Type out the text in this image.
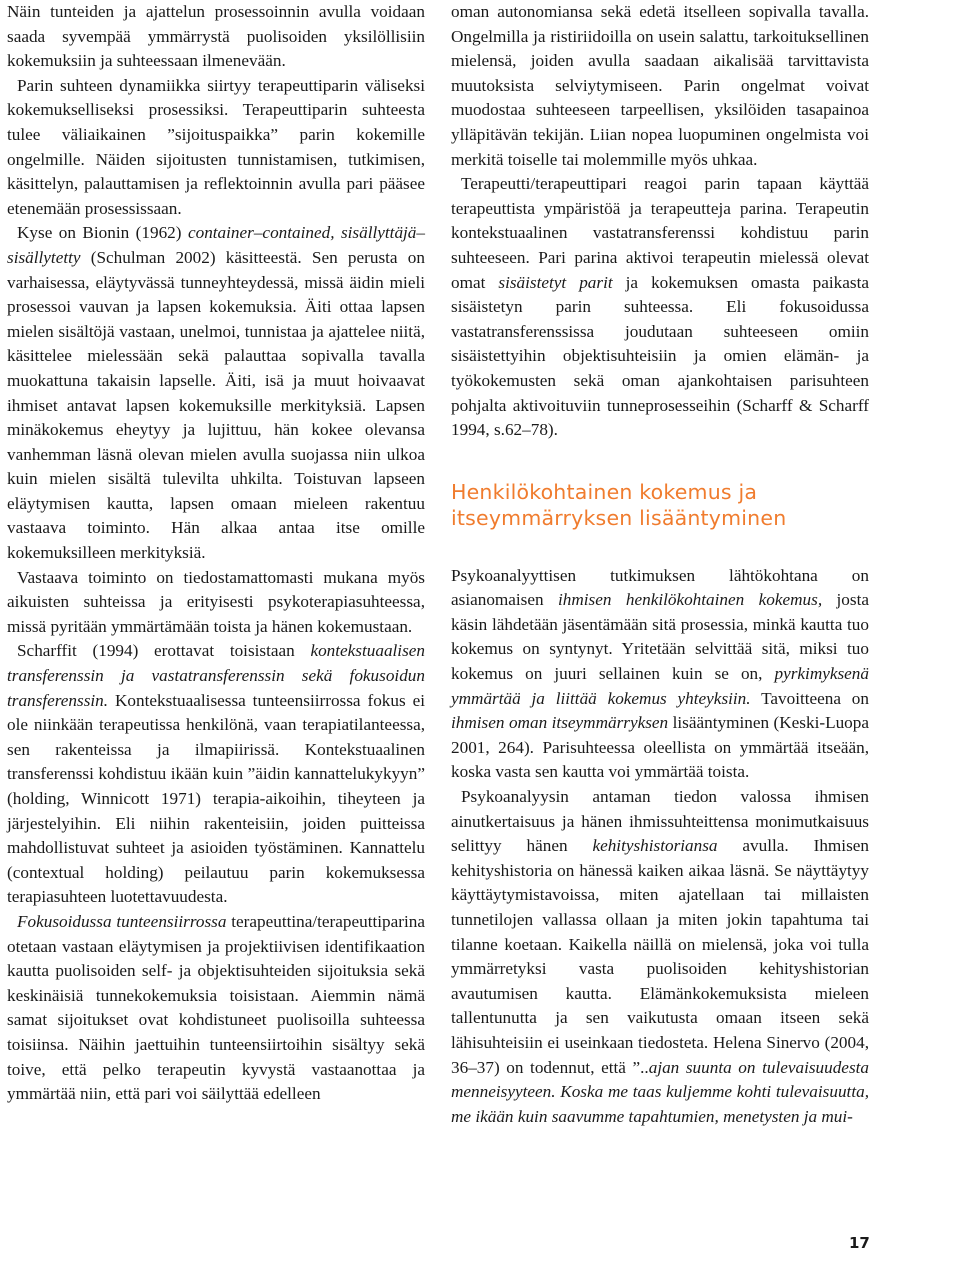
Näin tunteiden ja ajattelun prosessoinnin avulla voidaan saada syvempää ymmärrystä puolisoiden yksilöllisiin kokemuksiin ja suhteessaan ilmenevään.

Parin suhteen dynamiikka siirtyy terapeuttiparin väliseksi kokemukselliseksi prosessiksi. Terapeuttiparin suhteesta tulee väliaikainen ”sijoituspaikka” parin kokemille ongelmille. Näiden sijoitusten tunnistamisen, tutkimisen, käsittelyn, palauttamisen ja reflektoinnin avulla pari pääsee etenemään prosessissaan.

Kyse on Bionin (1962) container–contained, sisällyttäjä–sisällytetty (Schulman 2002) käsitteestä. Sen perusta on varhaisessa, eläytyvässä tunneyhteydessä, missä äidin mieli prosessoi vauvan ja lapsen kokemuksia. Äiti ottaa lapsen mielen sisältöjä vastaan, unelmoi, tunnistaa ja ajattelee niitä, käsittelee mielessään sekä palauttaa sopivalla tavalla muokattuna takaisin lapselle. Äiti, isä ja muut hoivaavat ihmiset antavat lapsen kokemuksille merkityksiä. Lapsen minäkokemus eheytyy ja lujittuu, hän kokee olevansa vanhemman läsnä olevan mielen avulla suojassa niin ulkoa kuin mielen sisältä tulevilta uhkilta. Toistuvan lapseen eläytymisen kautta, lapsen omaan mieleen rakentuu vastaava toiminto. Hän alkaa antaa itse omille kokemuksilleen merkityksiä.

Vastaava toiminto on tiedostamattomasti mukana myös aikuisten suhteissa ja erityisesti psykoterapiasuhteessa, missä pyritään ymmärtämään toista ja hänen kokemustaan.

Scharffit (1994) erottavat toisistaan kontekstuaalisen transferenssin ja vastatransferenssin sekä fokusoidun transferenssin. Kontekstuaalisessa tunteensiirrossa fokus ei ole niinkään terapeutissa henkilönä, vaan terapiatilanteessa, sen rakenteissa ja ilmapiirissä. Kontekstuaalinen transferenssi kohdistuu ikään kuin ”äidin kannattelukykyyn” (holding, Winnicott 1971) terapia-aikoihin, tiheyteen ja järjestelyihin. Eli niihin rakenteisiin, joiden puitteissa mahdollistuvat suhteet ja asioiden työstäminen. Kannattelu (contextual holding) peilautuu parin kokemuksessa terapiasuhteen luotettavuudesta.

Fokusoidussa tunteensiirrossa terapeuttina/terapeuttiparina otetaan vastaan eläytymisen ja projektiivisen identifikaation kautta puolisoiden self- ja objektisuhteiden sijoituksia sekä keskinäisiä tunnekokemuksia toisistaan. Aiemmin nämä samat sijoitukset ovat kohdistuneet puolisoilla suhteessa toisiinsa. Näihin jaettuihin tunteensiirtoihin sisältyy sekä toive, että pelko terapeutin kyvystä vastaanottaa ja ymmärtää niin, että pari voi säilyttää edelleen

oman autonomiansa sekä edetä itselleen sopivalla tavalla. Ongelmilla ja ristiriidoilla on usein salattu, tarkoituksellinen mielensä, joiden avulla saadaan aikalisää tarvittavista muutoksista selviytymiseen. Parin ongelmat voivat muodostaa suhteeseen tarpeellisen, yksilöiden tasapainoa ylläpitävän tekijän. Liian nopea luopuminen ongelmista voi merkitä toiselle tai molemmille myös uhkaa.

Terapeutti/terapeuttipari reagoi parin tapaan käyttää terapeuttista ympäristöä ja terapeutteja parina. Terapeutin kontekstuaalinen vastatransferenssi kohdistuu parin suhteeseen. Pari parina aktivoi terapeutin mielessä olevat omat sisäistetyt parit ja kokemuksen omasta paikasta sisäistetyn parin suhteessa. Eli fokusoidussa vastatransferenssissa joudutaan suhteeseen omiin sisäistettyihin objektisuhteisiin ja omien elämän- ja työkokemusten sekä oman ajankohtaisen parisuhteen pohjalta aktivoituviin tunneprosesseihin (Scharff & Scharff 1994, s.62–78).

Henkilökohtainen kokemus ja
itseymmärryksen lisääntyminen

Psykoanalyyttisen tutkimuksen lähtökohtana on asianomaisen ihmisen henkilökohtainen kokemus, josta käsin lähdetään jäsentämään sitä prosessia, minkä kautta tuo kokemus on syntynyt. Yritetään selvittää sitä, miksi tuo kokemus on juuri sellainen kuin se on, pyrkimyksenä ymmärtää ja liittää kokemus yhteyksiin. Tavoitteena on ihmisen oman itseymmärryksen lisääntyminen (Keski-Luopa 2001, 264). Parisuhteessa oleellista on ymmärtää itseään, koska vasta sen kautta voi ymmärtää toista.

Psykoanalyysin antaman tiedon valossa ihmisen ainutkertaisuus ja hänen ihmissuhteittensa monimutkaisuus selittyy hänen kehityshistoriansa avulla. Ihmisen kehityshistoria on hänessä kaiken aikaa läsnä. Se näyttäytyy käyttäytymistavoissa, miten ajatellaan tai millaisten tunnetilojen vallassa ollaan ja miten jokin tapahtuma tai tilanne koetaan. Kaikella näillä on mielensä, joka voi tulla ymmärretyksi vasta puolisoiden kehityshistorian avautumisen kautta. Elämänkokemuksista mieleen tallentunutta ja sen vaikutusta omaan itseen sekä lähisuhteisiin ei useinkaan tiedosteta. Helena Sinervo (2004, 36–37) on todennut, että ”..ajan suunta on tulevaisuudesta menneisyyteen. Koska me taas kuljemme kohti tulevaisuutta, me ikään kuin saavumme tapahtumien, menetysten ja mui-

17
